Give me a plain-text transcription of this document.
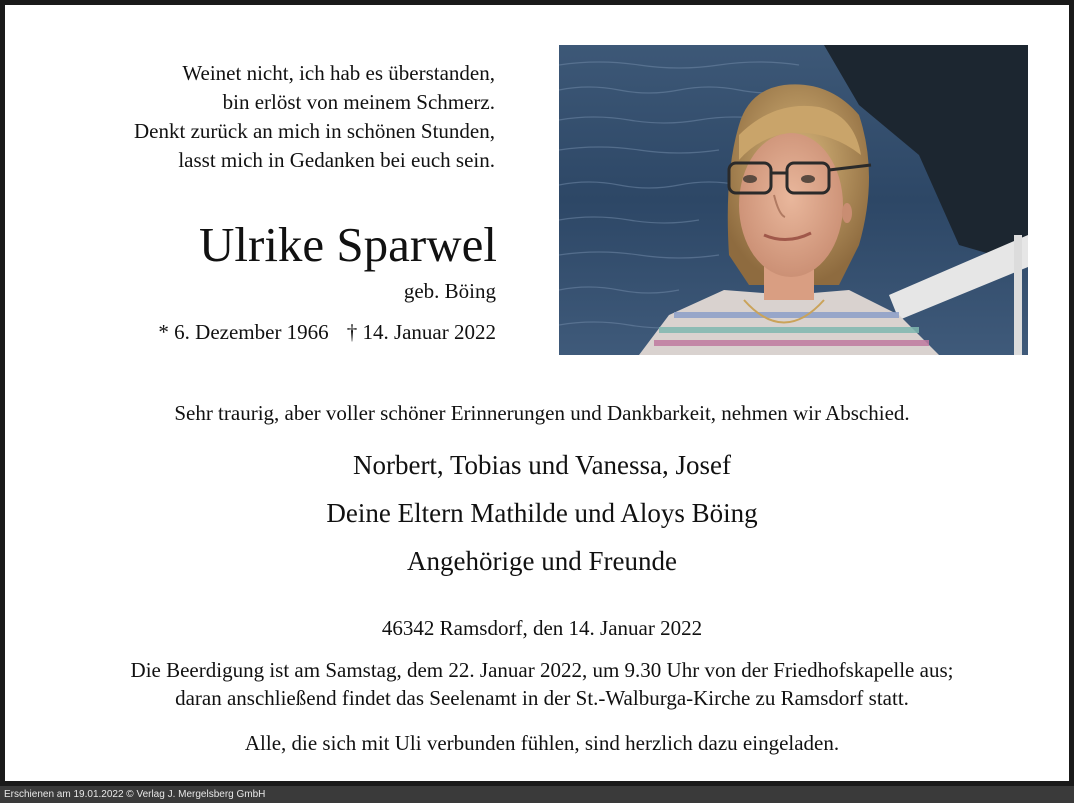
Weinet nicht, ich hab es überstanden,
bin erlöst von meinem Schmerz.
Denkt zurück an mich in schönen Stunden,
lasst mich in Gedanken bei euch sein.
Ulrike Sparwel
geb. Böing
* 6. Dezember 1966 † 14. Januar 2022
Sehr traurig, aber voller schöner Erinnerungen und Dankbarkeit, nehmen wir Abschied.
Norbert, Tobias und Vanessa, Josef
Deine Eltern Mathilde und Aloys Böing
Angehörige und Freunde
46342 Ramsdorf, den 14. Januar 2022
Die Beerdigung ist am Samstag, dem 22. Januar 2022, um 9.30 Uhr von der Friedhofskapelle aus;
daran anschließend findet das Seelenamt in der St.-Walburga-Kirche zu Ramsdorf statt.
Alle, die sich mit Uli verbunden fühlen, sind herzlich dazu eingeladen.
Erschienen am 19.01.2022 © Verlag J. Mergelsberg GmbH
